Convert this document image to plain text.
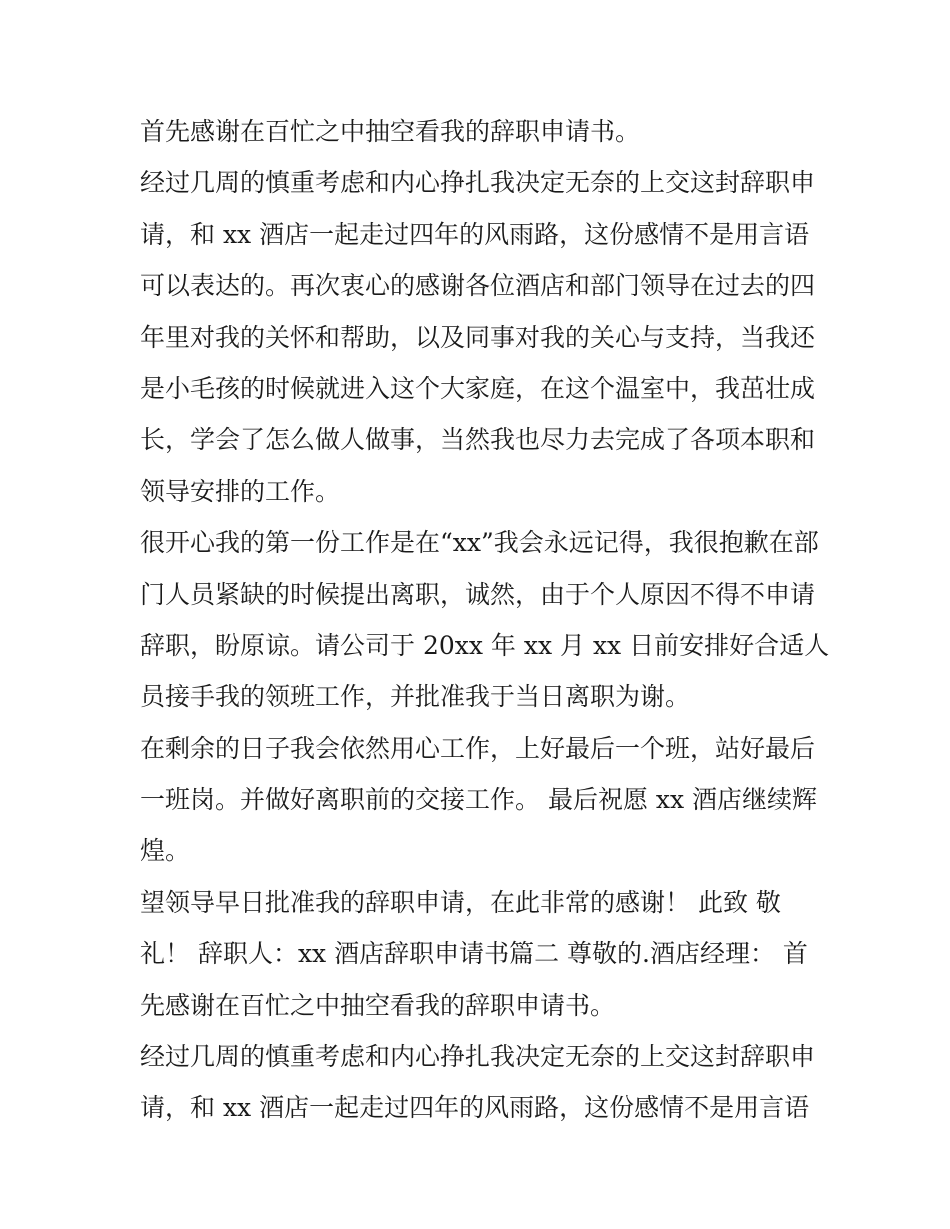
首先感谢在百忙之中抽空看我的辞职申请书。
经过几周的慎重考虑和内心挣扎我决定无奈的上交这封辞职申
请，和 xx 酒店一起走过四年的风雨路，这份感情不是用言语
可以表达的。再次衷心的感谢各位酒店和部门领导在过去的四
年里对我的关怀和帮助，以及同事对我的关心与支持，当我还
是小毛孩的时候就进入这个大家庭，在这个温室中，我茁壮成
长，学会了怎么做人做事，当然我也尽力去完成了各项本职和
领导安排的工作。
很开心我的第一份工作是在“xx”我会永远记得，我很抱歉在部
门人员紧缺的时候提出离职，诚然，由于个人原因不得不申请
辞职，盼原谅。请公司于 20xx 年 xx 月 xx 日前安排好合适人
员接手我的领班工作，并批准我于当日离职为谢。
在剩余的日子我会依然用心工作，上好最后一个班，站好最后
一班岗。并做好离职前的交接工作。 最后祝愿 xx 酒店继续辉
煌。
望领导早日批准我的辞职申请，在此非常的感谢！ 此致 敬
礼！ 辞职人：xx 酒店辞职申请书篇二 尊敬的.酒店经理： 首
先感谢在百忙之中抽空看我的辞职申请书。
经过几周的慎重考虑和内心挣扎我决定无奈的上交这封辞职申
请，和 xx 酒店一起走过四年的风雨路，这份感情不是用言语
